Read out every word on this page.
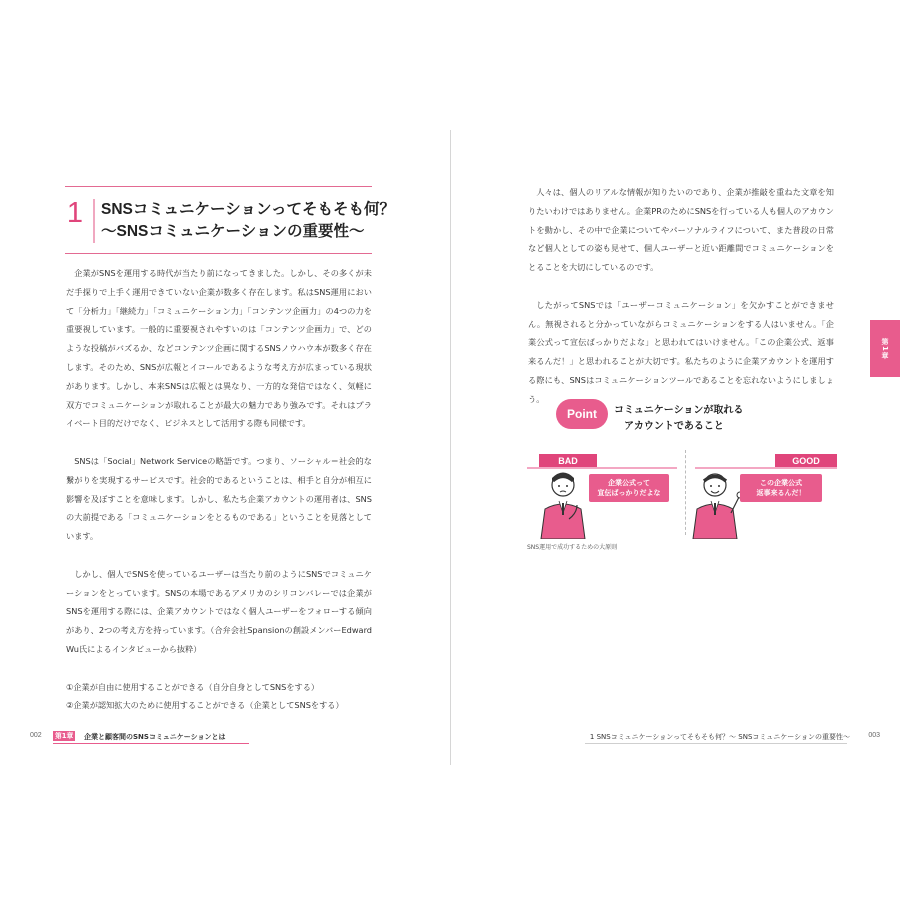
1 SNSコミュニケーションってそもそも何？
〜SNSコミュニケーションの重要性〜

企業がSNSを運用する時代が当たり前になってきました。しかし、その多くが未だ手探りで上手く運用できていない企業が数多く存在します。私はSNS運用において「分析力」「継続力」「コミュニケーション力」「コンテンツ企画力」の4つの力を重要視しています。一般的に重要視されやすいのは「コンテンツ企画力」で、どのような投稿がバズるか、などコンテンツ企画に関するSNSノウハウ本が数多く存在します。そのため、SNSが広報とイコールであるような考え方が広まっている現状があります。しかし、本来SNSは広報とは異なり、一方的な発信ではなく、気軽に双方でコミュニケーションが取れることが最大の魅力であり強みです。それはプライベート目的だけでなく、ビジネスとして活用する際も同様です。

SNSは「Social」Network Serviceの略語です。つまり、ソーシャル＝社会的な繋がりを実現するサービスです。社会的であるということは、相手と自分が相互に影響を及ぼすことを意味します。しかし、私たち企業アカウントの運用者は、SNSの大前提である「コミュニケーションをとるものである」ということを見落としています。

しかし、個人でSNSを使っているユーザーは当たり前のようにSNSでコミュニケーションをとっています。SNSの本場であるアメリカのシリコンバレーでは企業がSNSを運用する際には、企業アカウントではなく個人ユーザーをフォローする傾向があり、2つの考え方を持っています。（合弁会社Spansionの創設メンバーEdward Wu氏によるインタビューから抜粋）

①企業が自由に使用することができる（自分自身としてSNSをする）

②企業が認知拡大のために使用することができる（企業としてSNSをする）

002 第1章 企業と顧客間のSNSコミュニケーションとは

人々は、個人のリアルな情報が知りたいのであり、企業が推敲を重ねた文章を知りたいわけではありません。企業PRのためにSNSを行っている人も個人のアカウントを動かし、その中で企業についてやパーソナルライフについて、また普段の日常など個人としての姿も見せて、個人ユーザーと近い距離間でコミュニケーションをとることを大切にしているのです。

したがってSNSでは「ユーザーコミュニケーション」を欠かすことができません。無視されると分かっていながらコミュニケーションをする人はいません。「企業公式って宣伝ばっかりだよな」と思われてはいけません。「この企業公式、返事来るんだ！」と思われることが大切です。私たちのように企業アカウントを運用する際にも、SNSはコミュニケーションツールであることを忘れないようにしましょう。

第1章
Point	コミュニケーションが取れる
アカウントであること
BAD	GOOD
企業公式って
宣伝ばっかりだよな
この企業公式
返事来るんだ！
SNS運用で成功するための大原則
1 SNSコミュニケーションってそもそも何？〜 SNSコミュニケーションの重要性〜	003
